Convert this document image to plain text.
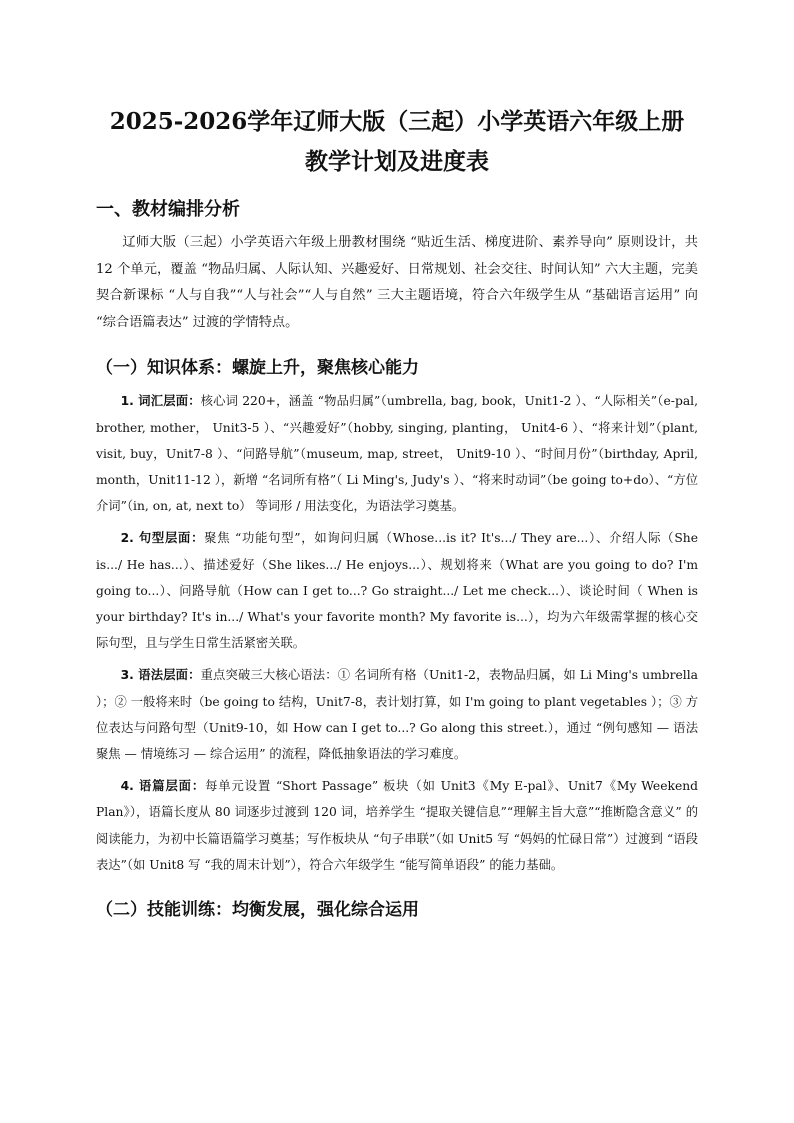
2025-2026学年辽师大版（三起）小学英语六年级上册
教学计划及进度表
一、教材编排分析

辽师大版（三起）小学英语六年级上册教材围绕 “贴近生活、梯度进阶、素养导向” 原则设计，共 12 个单元，覆盖 “物品归属、人际认知、兴趣爱好、日常规划、社会交往、时间认知” 六大主题，完美契合新课标 “人与自我”“人与社会”“人与自然” 三大主题语境，符合六年级学生从 “基础语言运用” 向 “综合语篇表达” 过渡的学情特点。

（一）知识体系：螺旋上升，聚焦核心能力

1. 词汇层面：核心词 220+，涵盖 “物品归属”（umbrella, bag, book，Unit1-2 ）、“人际相关”（e-pal, brother, mother， Unit3-5 ）、“兴趣爱好”（hobby, singing, planting， Unit4-6 ）、“将来计划”（plant, visit, buy，Unit7-8 ）、“问路导航”（museum, map, street， Unit9-10 ）、“时间月份”（birthday, April, month，Unit11-12 ），新增 “名词所有格”（ Li Ming's, Judy's ）、“将来时动词”（be going to+do）、“方位介词”（in, on, at, next to） 等词形 / 用法变化，为语法学习奠基。

2. 句型层面：聚焦 “功能句型”，如询问归属（Whose...is it? It's.../ They are...）、介绍人际（She is.../ He has...）、描述爱好（She likes.../ He enjoys...）、规划将来（What are you going to do? I'm going to...）、问路导航（How can I get to...? Go straight.../ Let me check...）、谈论时间（ When is your birthday? It's in.../ What's your favorite month? My favorite is...），均为六年级需掌握的核心交际句型，且与学生日常生活紧密关联。

3. 语法层面：重点突破三大核心语法：① 名词所有格（Unit1-2，表物品归属，如 Li Ming's umbrella ）；② 一般将来时（be going to 结构，Unit7-8，表计划打算，如 I'm going to plant vegetables ）；③ 方位表达与问路句型（Unit9-10，如 How can I get to...? Go along this street.），通过 “例句感知 — 语法聚焦 — 情境练习 — 综合运用” 的流程，降低抽象语法的学习难度。

4. 语篇层面：每单元设置 “Short Passage” 板块（如 Unit3《My E-pal》、Unit7《My Weekend Plan》），语篇长度从 80 词逐步过渡到 120 词，培养学生 “提取关键信息”“理解主旨大意”“推断隐含意义” 的阅读能力，为初中长篇语篇学习奠基；写作板块从 “句子串联”（如 Unit5 写 “妈妈的忙碌日常”）过渡到 “语段表达”（如 Unit8 写 “我的周末计划”），符合六年级学生 “能写简单语段” 的能力基础。

（二）技能训练：均衡发展，强化综合运用
